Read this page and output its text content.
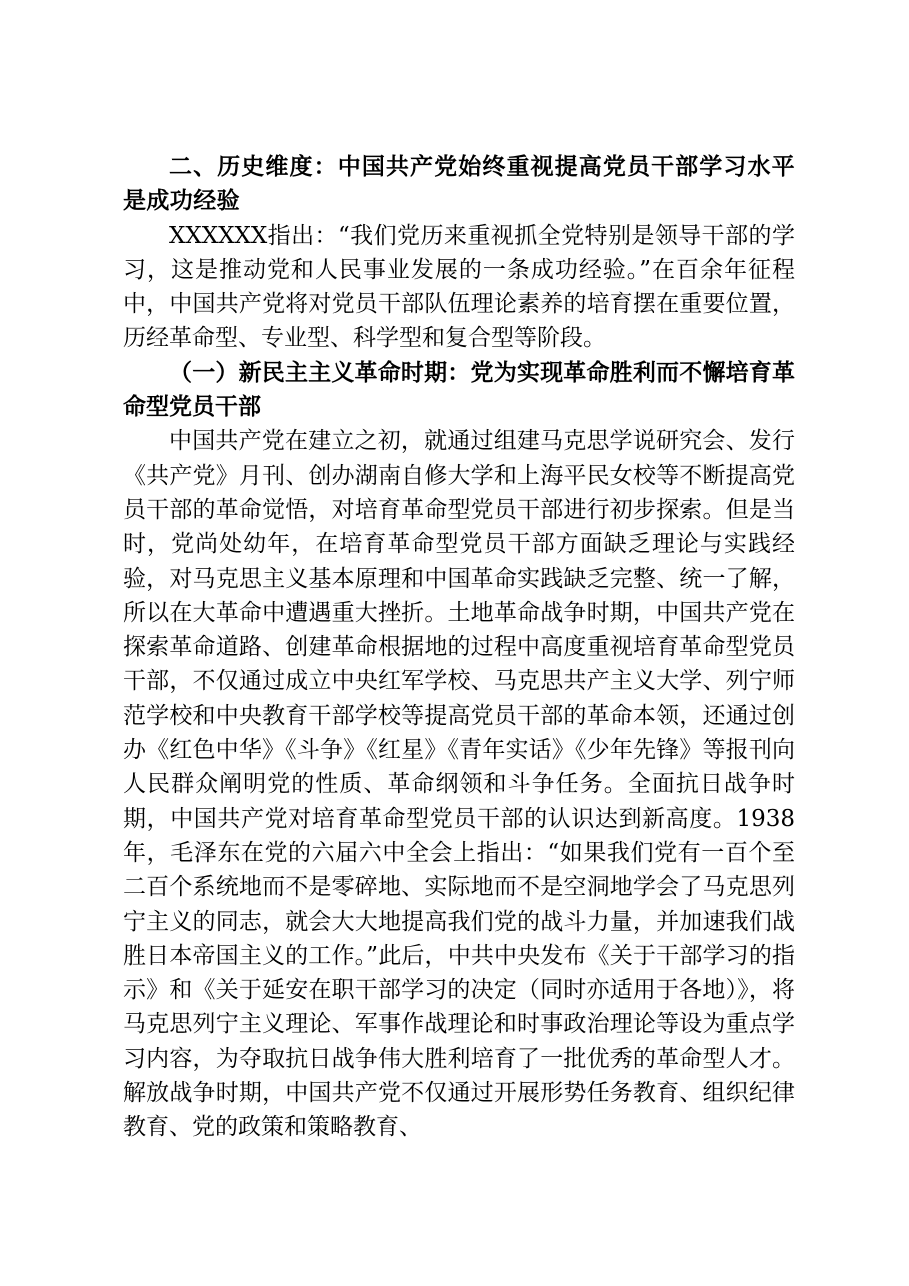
二、历史维度：中国共产党始终重视提高党员干部学习水平是成功经验

XXXXXX指出：“我们党历来重视抓全党特别是领导干部的学习，这是推动党和人民事业发展的一条成功经验。”在百余年征程中，中国共产党将对党员干部队伍理论素养的培育摆在重要位置，历经革命型、专业型、科学型和复合型等阶段。

（一）新民主主义革命时期：党为实现革命胜利而不懈培育革命型党员干部

中国共产党在建立之初，就通过组建马克思学说研究会、发行《共产党》月刊、创办湖南自修大学和上海平民女校等不断提高党员干部的革命觉悟，对培育革命型党员干部进行初步探索。但是当时，党尚处幼年，在培育革命型党员干部方面缺乏理论与实践经验，对马克思主义基本原理和中国革命实践缺乏完整、统一了解，所以在大革命中遭遇重大挫折。土地革命战争时期，中国共产党在探索革命道路、创建革命根据地的过程中高度重视培育革命型党员干部，不仅通过成立中央红军学校、马克思共产主义大学、列宁师范学校和中央教育干部学校等提高党员干部的革命本领，还通过创办《红色中华》《斗争》《红星》《青年实话》《少年先锋》等报刊向人民群众阐明党的性质、革命纲领和斗争任务。全面抗日战争时期，中国共产党对培育革命型党员干部的认识达到新高度。1938年，毛泽东在党的六届六中全会上指出：“如果我们党有一百个至二百个系统地而不是零碎地、实际地而不是空洞地学会了马克思列宁主义的同志，就会大大地提高我们党的战斗力量，并加速我们战胜日本帝国主义的工作。”此后，中共中央发布《关于干部学习的指示》和《关于延安在职干部学习的决定（同时亦适用于各地）》，将马克思列宁主义理论、军事作战理论和时事政治理论等设为重点学习内容，为夺取抗日战争伟大胜利培育了一批优秀的革命型人才。解放战争时期，中国共产党不仅通过开展形势任务教育、组织纪律教育、党的政策和策略教育、
